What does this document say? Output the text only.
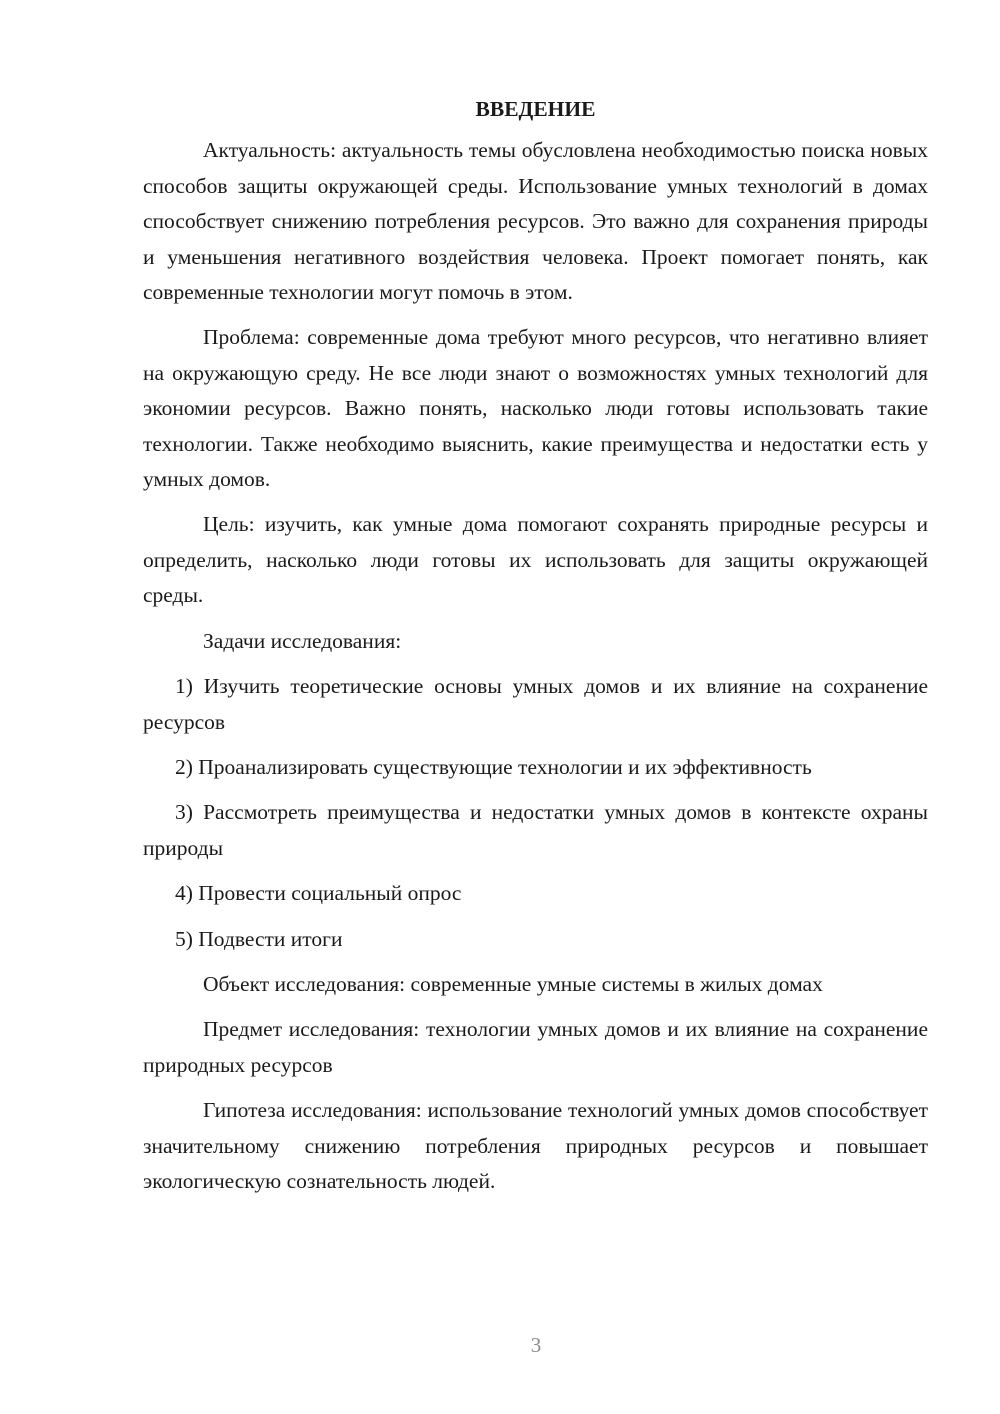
ВВЕДЕНИЕ

Актуальность: актуальность темы обусловлена необходимостью поиска новых способов защиты окружающей среды. Использование умных технологий в домах способствует снижению потребления ресурсов. Это важно для сохранения природы и уменьшения негативного воздействия человека. Проект помогает понять, как современные технологии могут помочь в этом.

Проблема: современные дома требуют много ресурсов, что негативно влияет на окружающую среду. Не все люди знают о возможностях умных технологий для экономии ресурсов. Важно понять, насколько люди готовы использовать такие технологии. Также необходимо выяснить, какие преимущества и недостатки есть у умных домов.

Цель: изучить, как умные дома помогают сохранять природные ресурсы и определить, насколько люди готовы их использовать для защиты окружающей среды.

Задачи исследования:

1) Изучить теоретические основы умных домов и их влияние на сохранение ресурсов

2) Проанализировать существующие технологии и их эффективность

3) Рассмотреть преимущества и недостатки умных домов в контексте охраны природы

4) Провести социальный опрос

5) Подвести итоги

Объект исследования: современные умные системы в жилых домах

Предмет исследования: технологии умных домов и их влияние на сохранение природных ресурсов

Гипотеза исследования: использование технологий умных домов способствует значительному снижению потребления природных ресурсов и повышает экологическую сознательность людей.

3
